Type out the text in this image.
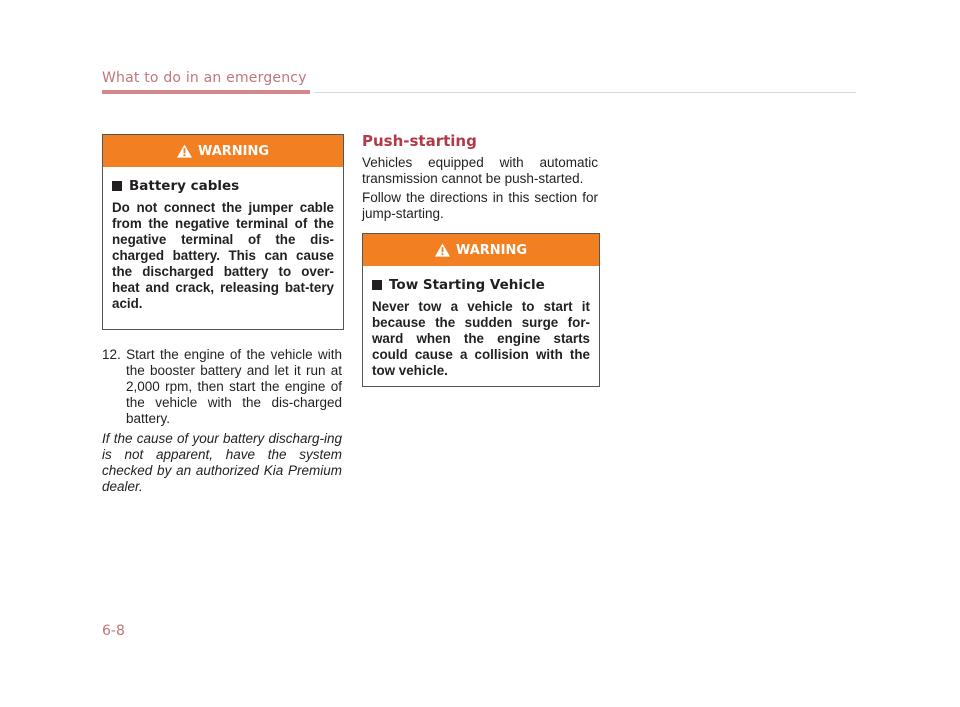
What to do in an emergency
WARNING
Battery cables
Do not connect the jumper cable from the negative terminal of the negative terminal of the dis-charged battery. This can cause the discharged battery to over-heat and crack, releasing bat-tery acid.
12. Start the engine of the vehicle with the booster battery and let it run at 2,000 rpm, then start the engine of the vehicle with the dis-charged battery.
If the cause of your battery discharg-ing is not apparent, have the system checked by an authorized Kia Premium dealer.
Push-starting
Vehicles equipped with automatic transmission cannot be push-started.
Follow the directions in this section for jump-starting.
WARNING
Tow Starting Vehicle
Never tow a vehicle to start it because the sudden surge for-ward when the engine starts could cause a collision with the tow vehicle.
6-8
